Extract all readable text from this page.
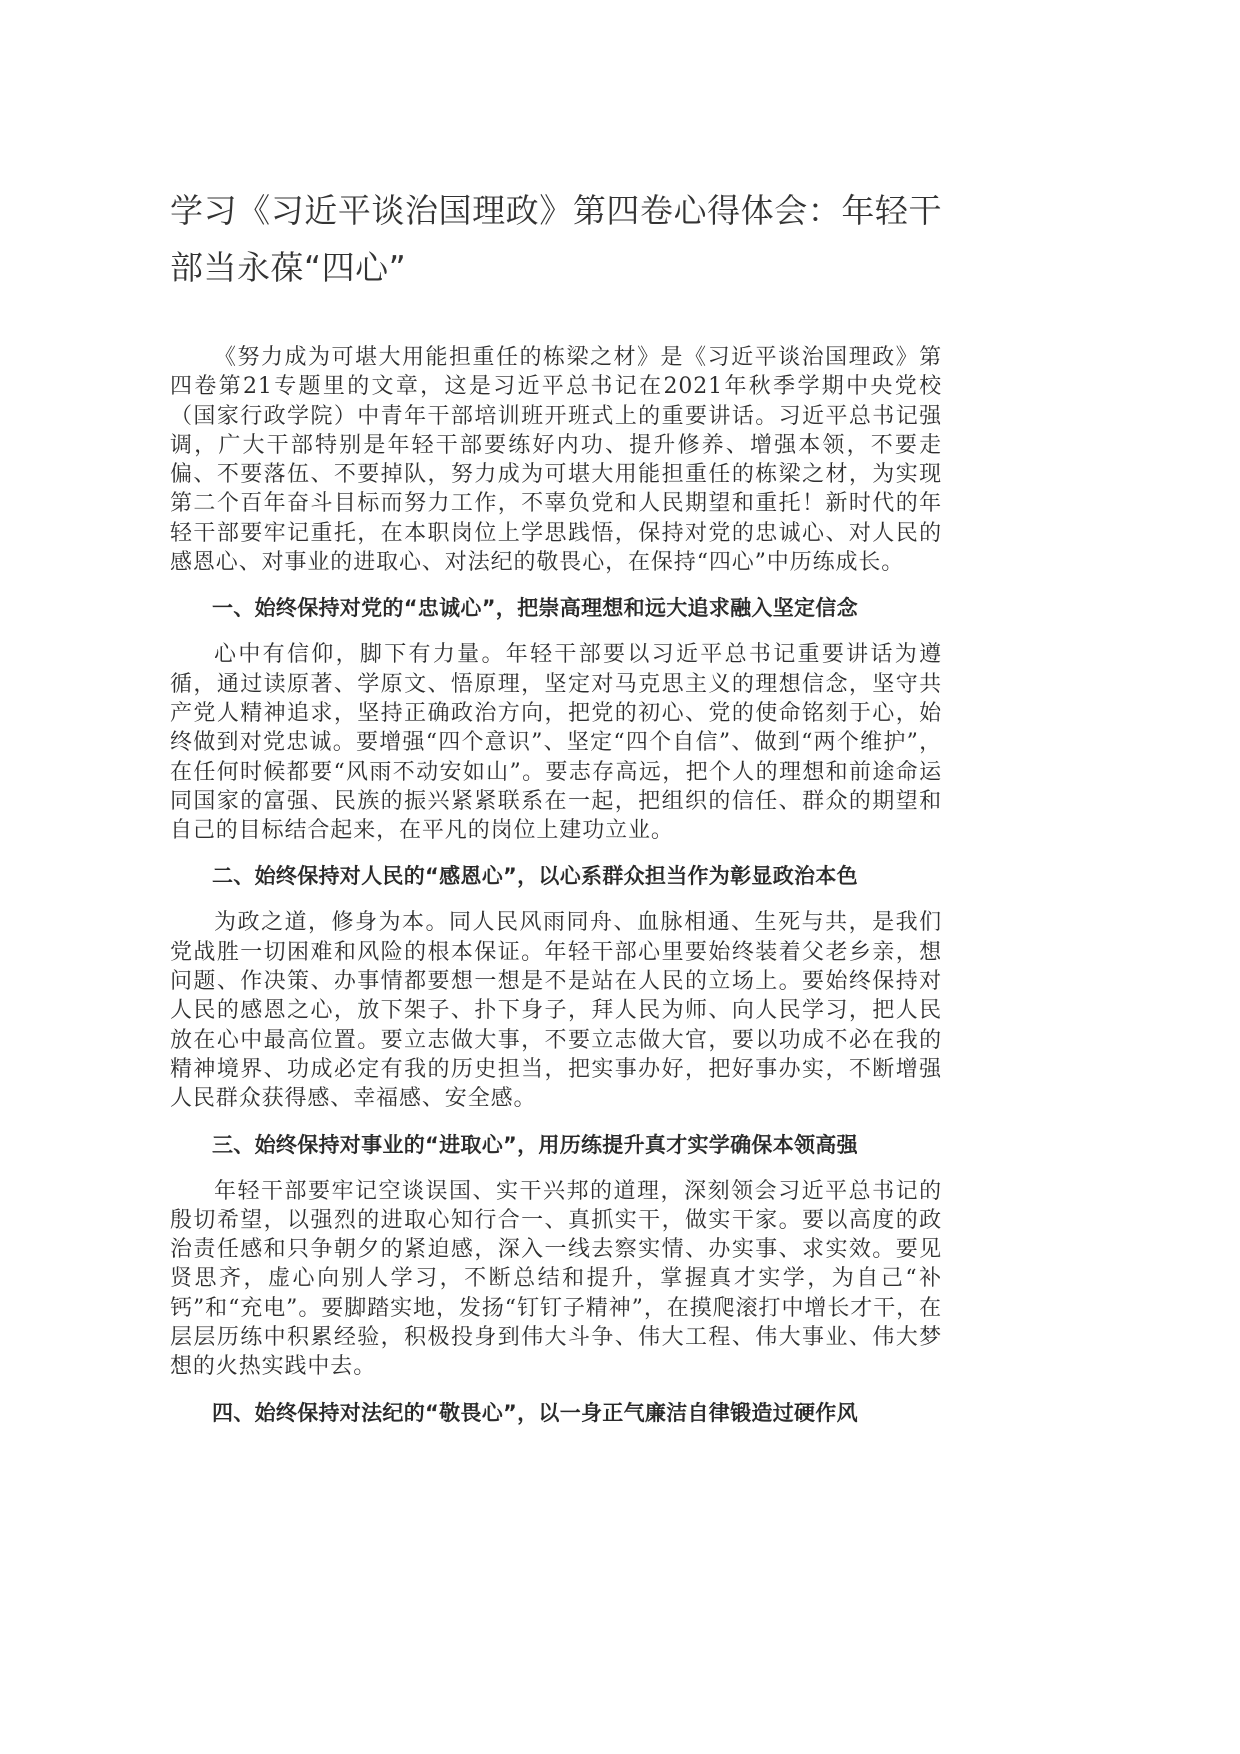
学习《习近平谈治国理政》第四卷心得体会：年轻干部当永葆“四心”

《努力成为可堪大用能担重任的栋梁之材》是《习近平谈治国理政》第四卷第21专题里的文章，这是习近平总书记在2021年秋季学期中央党校（国家行政学院）中青年干部培训班开班式上的重要讲话。习近平总书记强调，广大干部特别是年轻干部要练好内功、提升修养、增强本领，不要走偏、不要落伍、不要掉队，努力成为可堪大用能担重任的栋梁之材，为实现第二个百年奋斗目标而努力工作，不辜负党和人民期望和重托！新时代的年轻干部要牢记重托，在本职岗位上学思践悟，保持对党的忠诚心、对人民的感恩心、对事业的进取心、对法纪的敬畏心，在保持“四心”中历练成长。

一、始终保持对党的“忠诚心”，把崇高理想和远大追求融入坚定信念

心中有信仰，脚下有力量。年轻干部要以习近平总书记重要讲话为遵循，通过读原著、学原文、悟原理，坚定对马克思主义的理想信念，坚守共产党人精神追求，坚持正确政治方向，把党的初心、党的使命铭刻于心，始终做到对党忠诚。要增强“四个意识”、坚定“四个自信”、做到“两个维护”，在任何时候都要“风雨不动安如山”。要志存高远，把个人的理想和前途命运同国家的富强、民族的振兴紧紧联系在一起，把组织的信任、群众的期望和自己的目标结合起来，在平凡的岗位上建功立业。

二、始终保持对人民的“感恩心”，以心系群众担当作为彰显政治本色

为政之道，修身为本。同人民风雨同舟、血脉相通、生死与共，是我们党战胜一切困难和风险的根本保证。年轻干部心里要始终装着父老乡亲，想问题、作决策、办事情都要想一想是不是站在人民的立场上。要始终保持对人民的感恩之心，放下架子、扑下身子，拜人民为师、向人民学习，把人民放在心中最高位置。要立志做大事，不要立志做大官，要以功成不必在我的精神境界、功成必定有我的历史担当，把实事办好，把好事办实，不断增强人民群众获得感、幸福感、安全感。

三、始终保持对事业的“进取心”，用历练提升真才实学确保本领高强

年轻干部要牢记空谈误国、实干兴邦的道理，深刻领会习近平总书记的殷切希望，以强烈的进取心知行合一、真抓实干，做实干家。要以高度的政治责任感和只争朝夕的紧迫感，深入一线去察实情、办实事、求实效。要见贤思齐，虚心向别人学习，不断总结和提升，掌握真才实学，为自己“补钙”和“充电”。要脚踏实地，发扬“钉钉子精神”，在摸爬滚打中增长才干，在层层历练中积累经验，积极投身到伟大斗争、伟大工程、伟大事业、伟大梦想的火热实践中去。

四、始终保持对法纪的“敬畏心”，以一身正气廉洁自律锻造过硬作风
